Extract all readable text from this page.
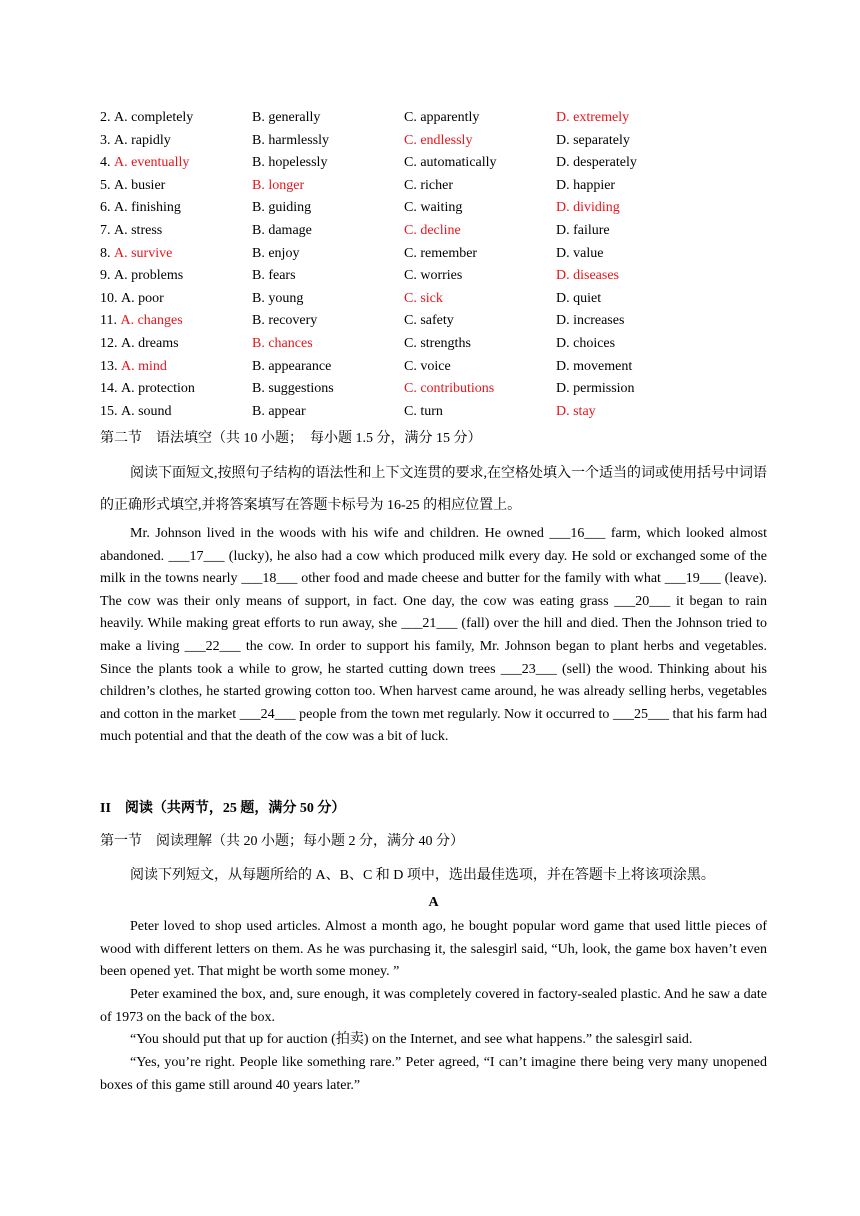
2. A. completely	B. generally	C. apparently	D. extremely
3. A. rapidly	B. harmlessly	C. endlessly	D. separately
4. A. eventually	B. hopelessly	C. automatically	D. desperately
5. A. busier	B. longer	C. richer	D. happier
6. A. finishing	B. guiding	C. waiting	D. dividing
7. A. stress	B. damage	C. decline	D. failure
8. A. survive	B. enjoy	C. remember	D. value
9. A. problems	B. fears	C. worries	D. diseases
10. A. poor	B. young	C. sick	D. quiet
11. A. changes	B. recovery	C. safety	D. increases
12. A. dreams	B. chances	C. strengths	D. choices
13. A. mind	B. appearance	C. voice	D. movement
14. A. protection	B. suggestions	C. contributions	D. permission
15. A. sound	B. appear	C. turn	D. stay
第二节　语法填空（共 10 小题；　每小题 1.5 分，满分 15 分）
阅读下面短文,按照句子结构的语法性和上下文连贯的要求,在空格处填入一个适当的词或使用括号中词语的正确形式填空,并将答案填写在答题卡标号为 16-25 的相应位置上。
Mr. Johnson lived in the woods with his wife and children. He owned ___16___ farm, which looked almost abandoned. ___17___ (lucky), he also had a cow which produced milk every day. He sold or exchanged some of the milk in the towns nearly ___18___ other food and made cheese and butter for the family with what ___19___ (leave). The cow was their only means of support, in fact. One day, the cow was eating grass ___20___ it began to rain heavily. While making great efforts to run away, she ___21___ (fall) over the hill and died. Then the Johnson tried to make a living ___22___ the cow. In order to support his family, Mr. Johnson began to plant herbs and vegetables. Since the plants took a while to grow, he started cutting down trees ___23___ (sell) the wood. Thinking about his children’s clothes, he started growing cotton too. When harvest came around, he was already selling herbs, vegetables and cotton in the market ___24___ people from the town met regularly. Now it occurred to ___25___ that his farm had much potential and that the death of the cow was a bit of luck.
II　阅读（共两节，25 题，满分 50 分）
第一节　阅读理解（共 20 小题；每小题 2 分，满分 40 分）
阅读下列短文，从每题所给的 A、B、C 和 D 项中，选出最佳选项，并在答题卡上将该项涂黑。
A
Peter loved to shop used articles. Almost a month ago, he bought popular word game that used little pieces of wood with different letters on them. As he was purchasing it, the salesgirl said, “Uh, look, the game box haven’t even been opened yet. That might be worth some money. ”
Peter examined the box, and, sure enough, it was completely covered in factory-sealed plastic. And he saw a date of 1973 on the back of the box.
“You should put that up for auction (拍卖) on the Internet, and see what happens.” the salesgirl said.
“Yes, you’re right. People like something rare.” Peter agreed, “I can’t imagine there being very many unopened boxes of this game still around 40 years later.”
